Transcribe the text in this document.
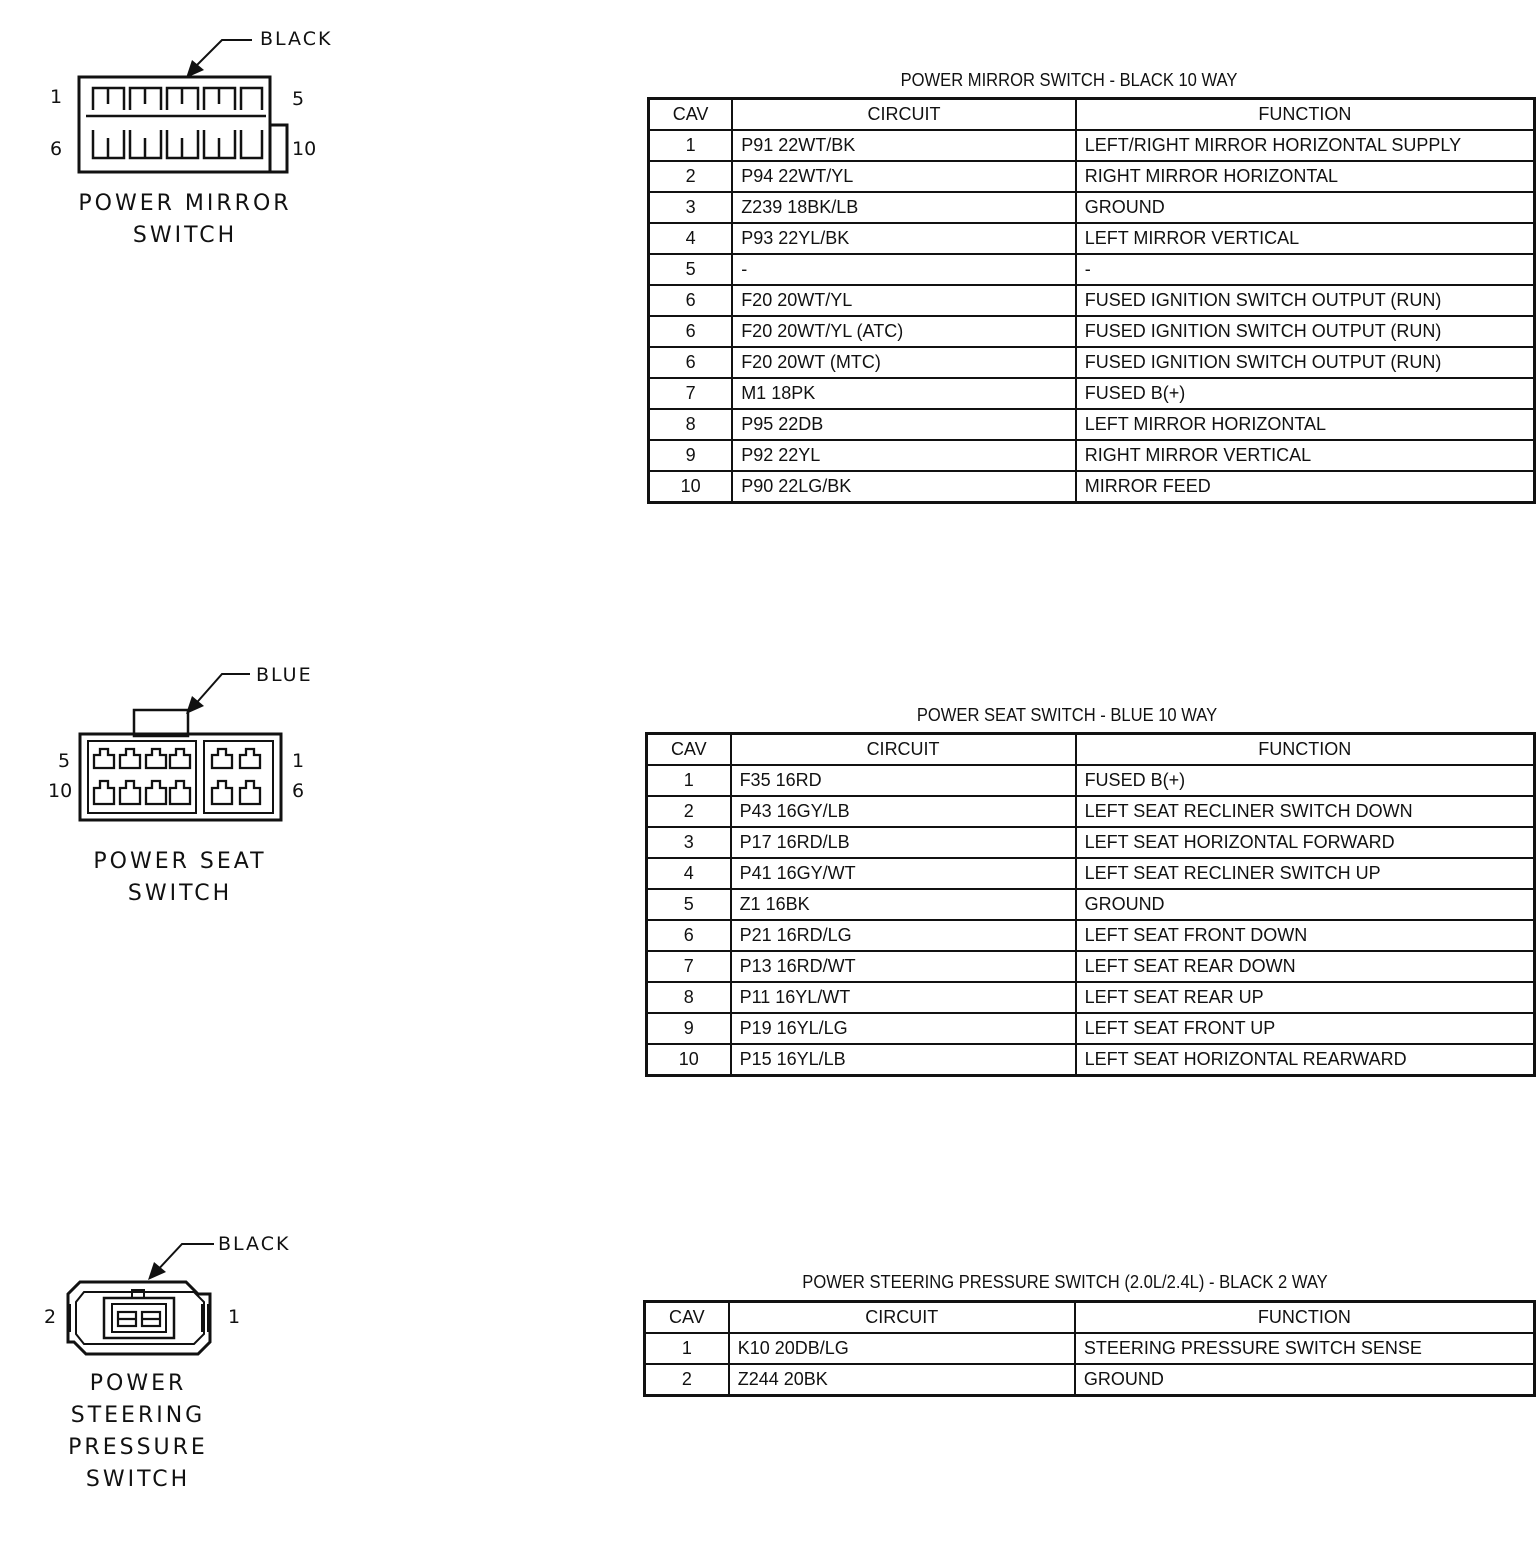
BLACK
1	5
6	10
POWER MIRROR
SWITCH
BLUE
5	1
10	6
POWER SEAT
SWITCH
BLACK
2	1
POWER
STEERING
PRESSURE
SWITCH
POWER MIRROR SWITCH - BLACK 10 WAY
CAV	CIRCUIT	FUNCTION
1	P91 22WT/BK	LEFT/RIGHT MIRROR HORIZONTAL SUPPLY
2	P94 22WT/YL	RIGHT MIRROR HORIZONTAL
3	Z239 18BK/LB	GROUND
4	P93 22YL/BK	LEFT MIRROR VERTICAL
5	-	-
6	F20 20WT/YL	FUSED IGNITION SWITCH OUTPUT (RUN)
6	F20 20WT/YL (ATC)	FUSED IGNITION SWITCH OUTPUT (RUN)
6	F20 20WT (MTC)	FUSED IGNITION SWITCH OUTPUT (RUN)
7	M1 18PK	FUSED B(+)
8	P95 22DB	LEFT MIRROR HORIZONTAL
9	P92 22YL	RIGHT MIRROR VERTICAL
10	P90 22LG/BK	MIRROR FEED
POWER SEAT SWITCH - BLUE 10 WAY
CAV	CIRCUIT	FUNCTION
1	F35 16RD	FUSED B(+)
2	P43 16GY/LB	LEFT SEAT RECLINER SWITCH DOWN
3	P17 16RD/LB	LEFT SEAT HORIZONTAL FORWARD
4	P41 16GY/WT	LEFT SEAT RECLINER SWITCH UP
5	Z1 16BK	GROUND
6	P21 16RD/LG	LEFT SEAT FRONT DOWN
7	P13 16RD/WT	LEFT SEAT REAR DOWN
8	P11 16YL/WT	LEFT SEAT REAR UP
9	P19 16YL/LG	LEFT SEAT FRONT UP
10	P15 16YL/LB	LEFT SEAT HORIZONTAL REARWARD
POWER STEERING PRESSURE SWITCH (2.0L/2.4L) - BLACK 2 WAY
CAV	CIRCUIT	FUNCTION
1	K10 20DB/LG	STEERING PRESSURE SWITCH SENSE
2	Z244 20BK	GROUND
